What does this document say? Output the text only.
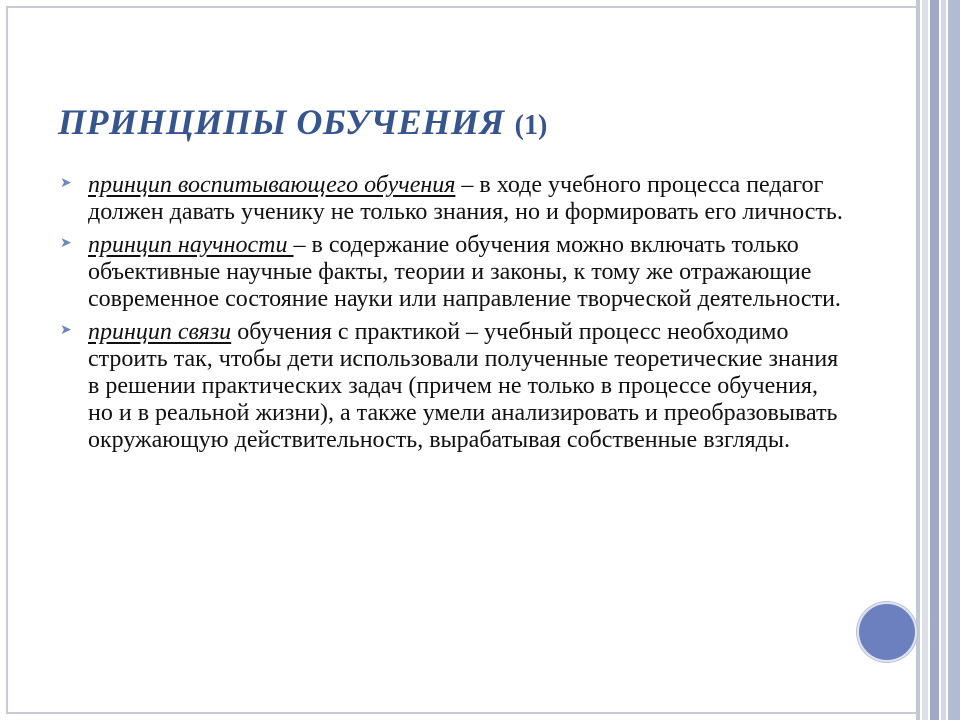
ПРИНЦИПЫ ОБУЧЕНИЯ (1)
➤ принцип воспитывающего обучения – в ходе учебного процесса педагог должен давать ученику не только знания, но и формировать его личность.
➤ принцип научности – в содержание обучения можно включать только объективные научные факты, теории и законы, к тому же отражающие современное состояние науки или направление творческой деятельности.
➤ принцип связи обучения с практикой – учебный процесс необходимо строить так, чтобы дети использовали полученные теоретические знания в решении практических задач (причем не только в процессе обучения, но и в реальной жизни), а также умели анализировать и преобразовывать окружающую действительность, вырабатывая собственные взгляды.
